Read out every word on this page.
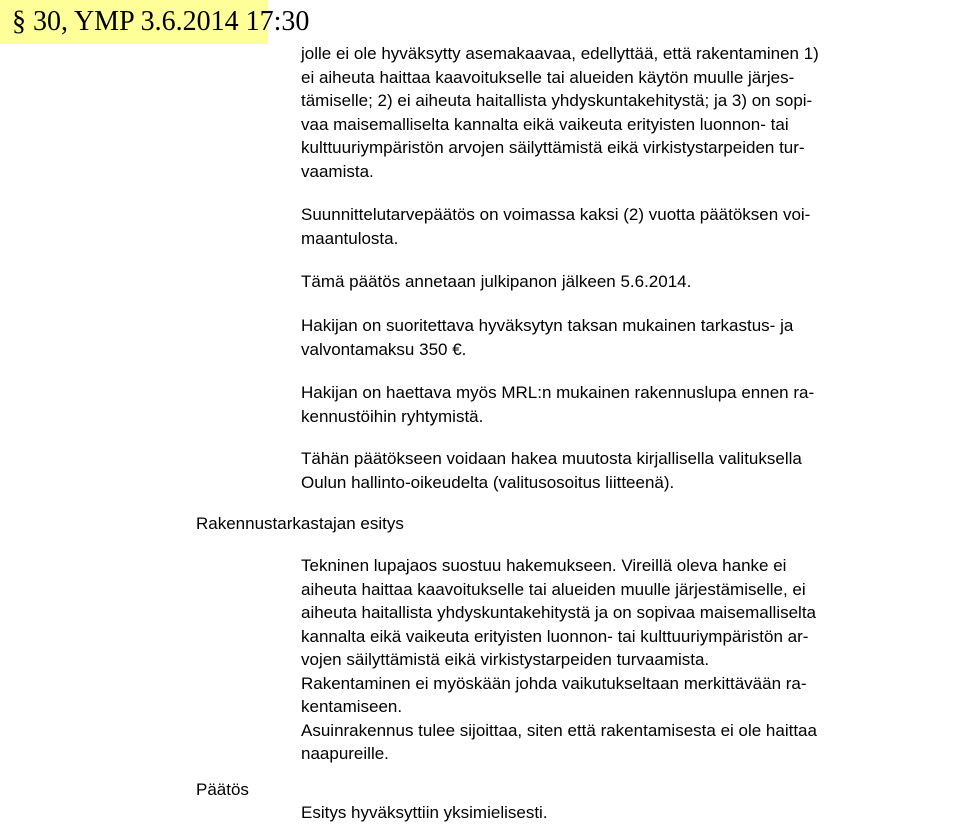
§ 30, YMP 3.6.2014 17:30

jolle ei ole hyväksytty asemakaavaa, edellyttää, että rakentaminen 1)
ei aiheuta haittaa kaavoitukselle tai alueiden käytön muulle järjes-
tämiselle; 2) ei aiheuta haitallista yhdyskuntakehitystä; ja 3) on sopi-
vaa maisemalliselta kannalta eikä vaikeuta erityisten luonnon- tai
kulttuuriympäristön arvojen säilyttämistä eikä virkistystarpeiden tur-
vaamista.

Suunnittelutarvepäätös on voimassa kaksi (2) vuotta päätöksen voi-
maantulosta.

Tämä päätös annetaan julkipanon jälkeen 5.6.2014.

Hakijan on suoritettava hyväksytyn taksan mukainen tarkastus- ja
valvontamaksu 350 €.

Hakijan on haettava myös MRL:n mukainen rakennuslupa ennen ra-
kennustöihin ryhtymistä.

Tähän päätökseen voidaan hakea muutosta kirjallisella valituksella
Oulun hallinto-oikeudelta (valitusosoitus liitteenä).

Rakennustarkastajan esitys

Tekninen lupajaos suostuu hakemukseen. Vireillä oleva hanke ei
aiheuta haittaa kaavoitukselle tai alueiden muulle järjestämiselle, ei
aiheuta haitallista yhdyskuntakehitystä ja on sopivaa maisemalliselta
kannalta eikä vaikeuta erityisten luonnon- tai kulttuuriympäristön ar-
vojen säilyttämistä eikä virkistystarpeiden turvaamista.
Rakentaminen ei myöskään johda vaikutukseltaan merkittävään ra-
kentamiseen.
Asuinrakennus tulee sijoittaa, siten että rakentamisesta ei ole haittaa
naapureille.

Päätös

Esitys hyväksyttiin yksimielisesti.
